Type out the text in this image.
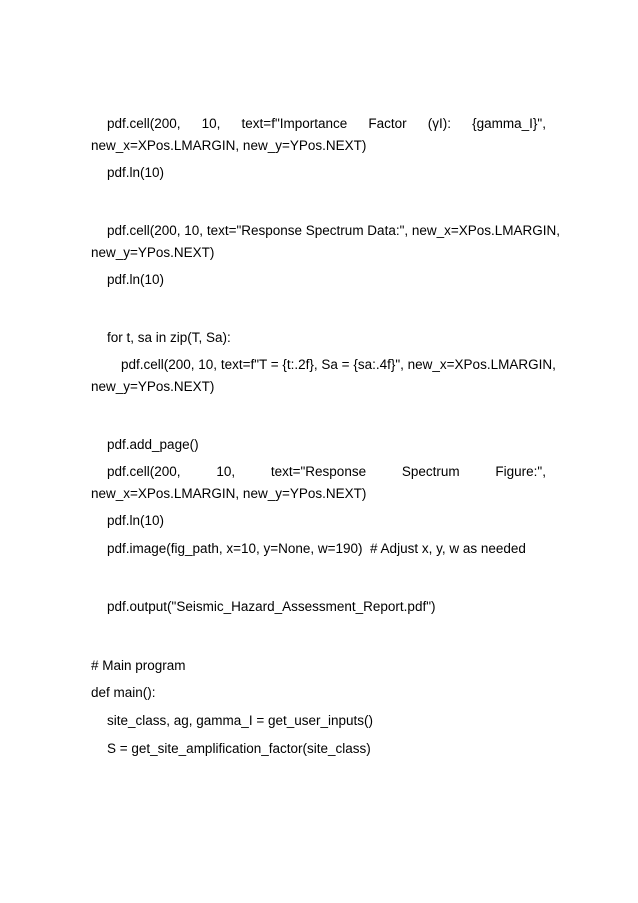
pdf.cell(200, 10, text=f"Importance Factor (γI): {gamma_I}",
new_x=XPos.LMARGIN, new_y=YPos.NEXT)
pdf.ln(10)
pdf.cell(200, 10, text="Response Spectrum Data:", new_x=XPos.LMARGIN,
new_y=YPos.NEXT)
pdf.ln(10)
for t, sa in zip(T, Sa):
pdf.cell(200, 10, text=f"T = {t:.2f}, Sa = {sa:.4f}", new_x=XPos.LMARGIN,
new_y=YPos.NEXT)
pdf.add_page()
pdf.cell(200,	10,	text="Response	Spectrum	Figure:",
new_x=XPos.LMARGIN, new_y=YPos.NEXT)
pdf.ln(10)
pdf.image(fig_path, x=10, y=None, w=190)  # Adjust x, y, w as needed
pdf.output("Seismic_Hazard_Assessment_Report.pdf")
# Main program
def main():
site_class, ag, gamma_I = get_user_inputs()
S = get_site_amplification_factor(site_class)
